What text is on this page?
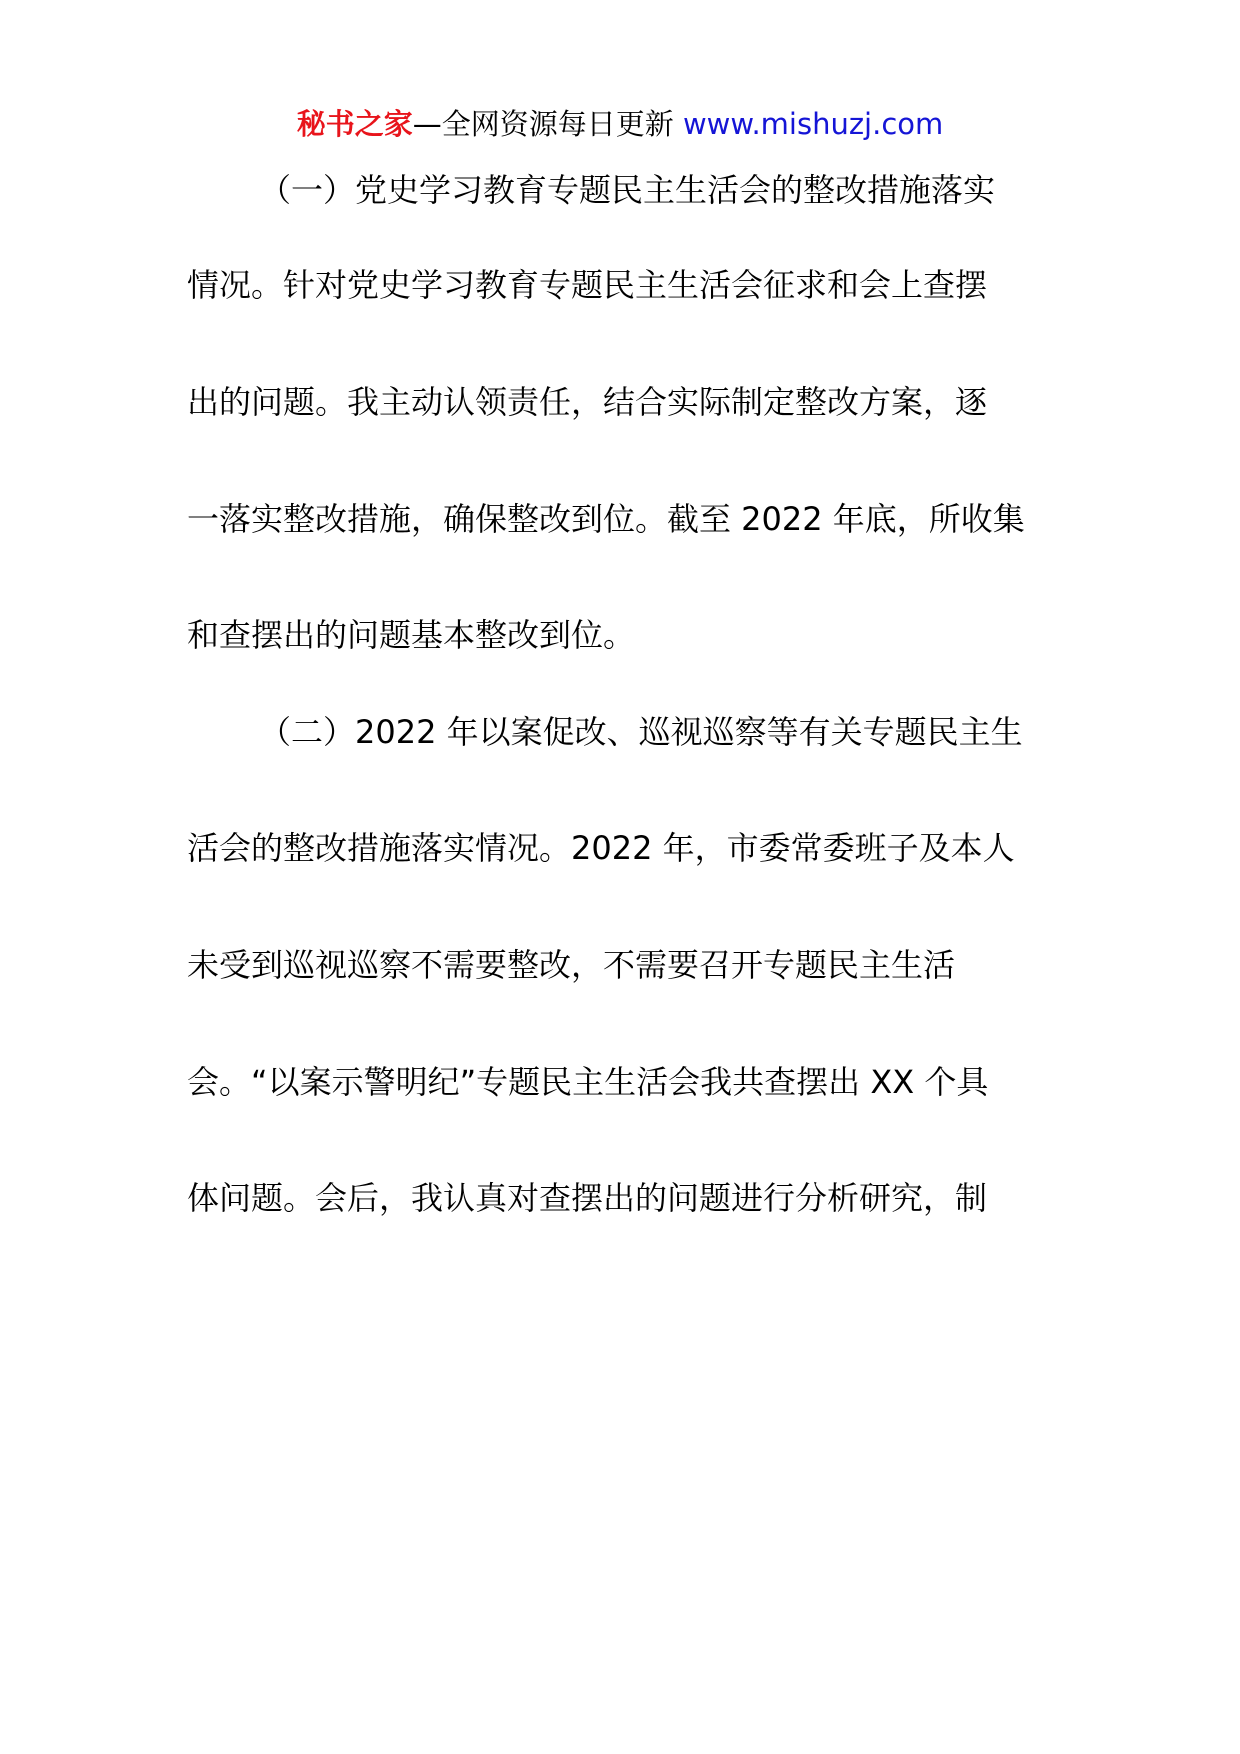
秘书之家—全网资源每日更新 www.mishuzj.com
（一）党史学习教育专题民主生活会的整改措施落实
情况。针对党史学习教育专题民主生活会征求和会上查摆
出的问题。我主动认领责任，结合实际制定整改方案，逐
一落实整改措施，确保整改到位。截至 2022 年底，所收集
和查摆出的问题基本整改到位。
（二）2022 年以案促改、巡视巡察等有关专题民主生
活会的整改措施落实情况。2022 年，市委常委班子及本人
未受到巡视巡察不需要整改，不需要召开专题民主生活
会。“以案示警明纪”专题民主生活会我共查摆出 XX 个具
体问题。会后，我认真对查摆出的问题进行分析研究，制
